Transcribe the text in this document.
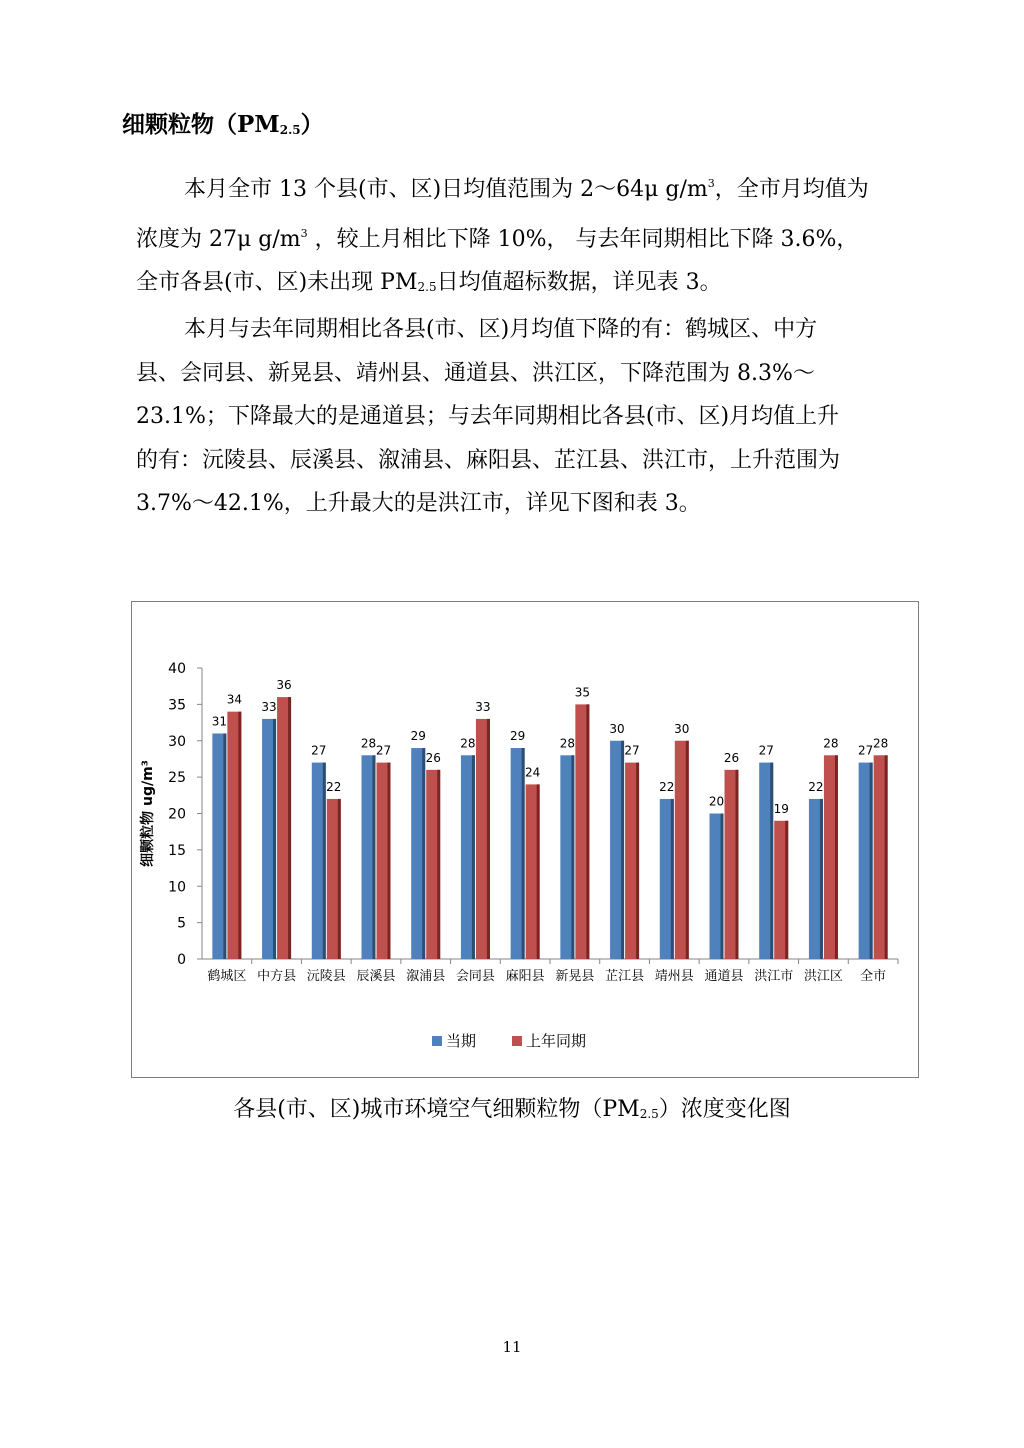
细颗粒物$(PM_{2.5})$

本月全市 13 个县(市、区)日均值范围为 2～64μ $g/m^3$，全市月均值为
浓度为 27μ $g/m^3$ ，较上月相比下降 10%， 与去年同期相比下降 3.6%，
全市各县(市、区)未出现 $PM_{2.5}$日均值超标数据，详见表 3。

本月与去年同期相比各县(市、区)月均值下降的有：鹤城区、中方
县、会同县、新晃县、靖州县、通道县、洪江区，下降范围为 8.3%～
23.1%；下降最大的是通道县；与去年同期相比各县(市、区)月均值上升
的有：沅陵县、辰溪县、溆浦县、麻阳县、芷江县、洪江市，上升范围为
3.7%～42.1%，上升最大的是洪江市，详见下图和表 3。

0
5
10
15
20
25
30
35
40
细颗粒物 ug/m³
31
34
鹤城区
33
36
中方县
27
22
沅陵县
28
27
辰溪县
29
26
溆浦县
28
33
会同县
29
24
麻阳县
28
35
新晃县
30
27
芷江县
22
30
靖州县
20
26
通道县
27
19
洪江市
22
28
洪江区
27
28
全市
当期	上年同期
各县(市、区)城市环境空气细颗粒物$(PM_{2.5})$浓度变化图
11
